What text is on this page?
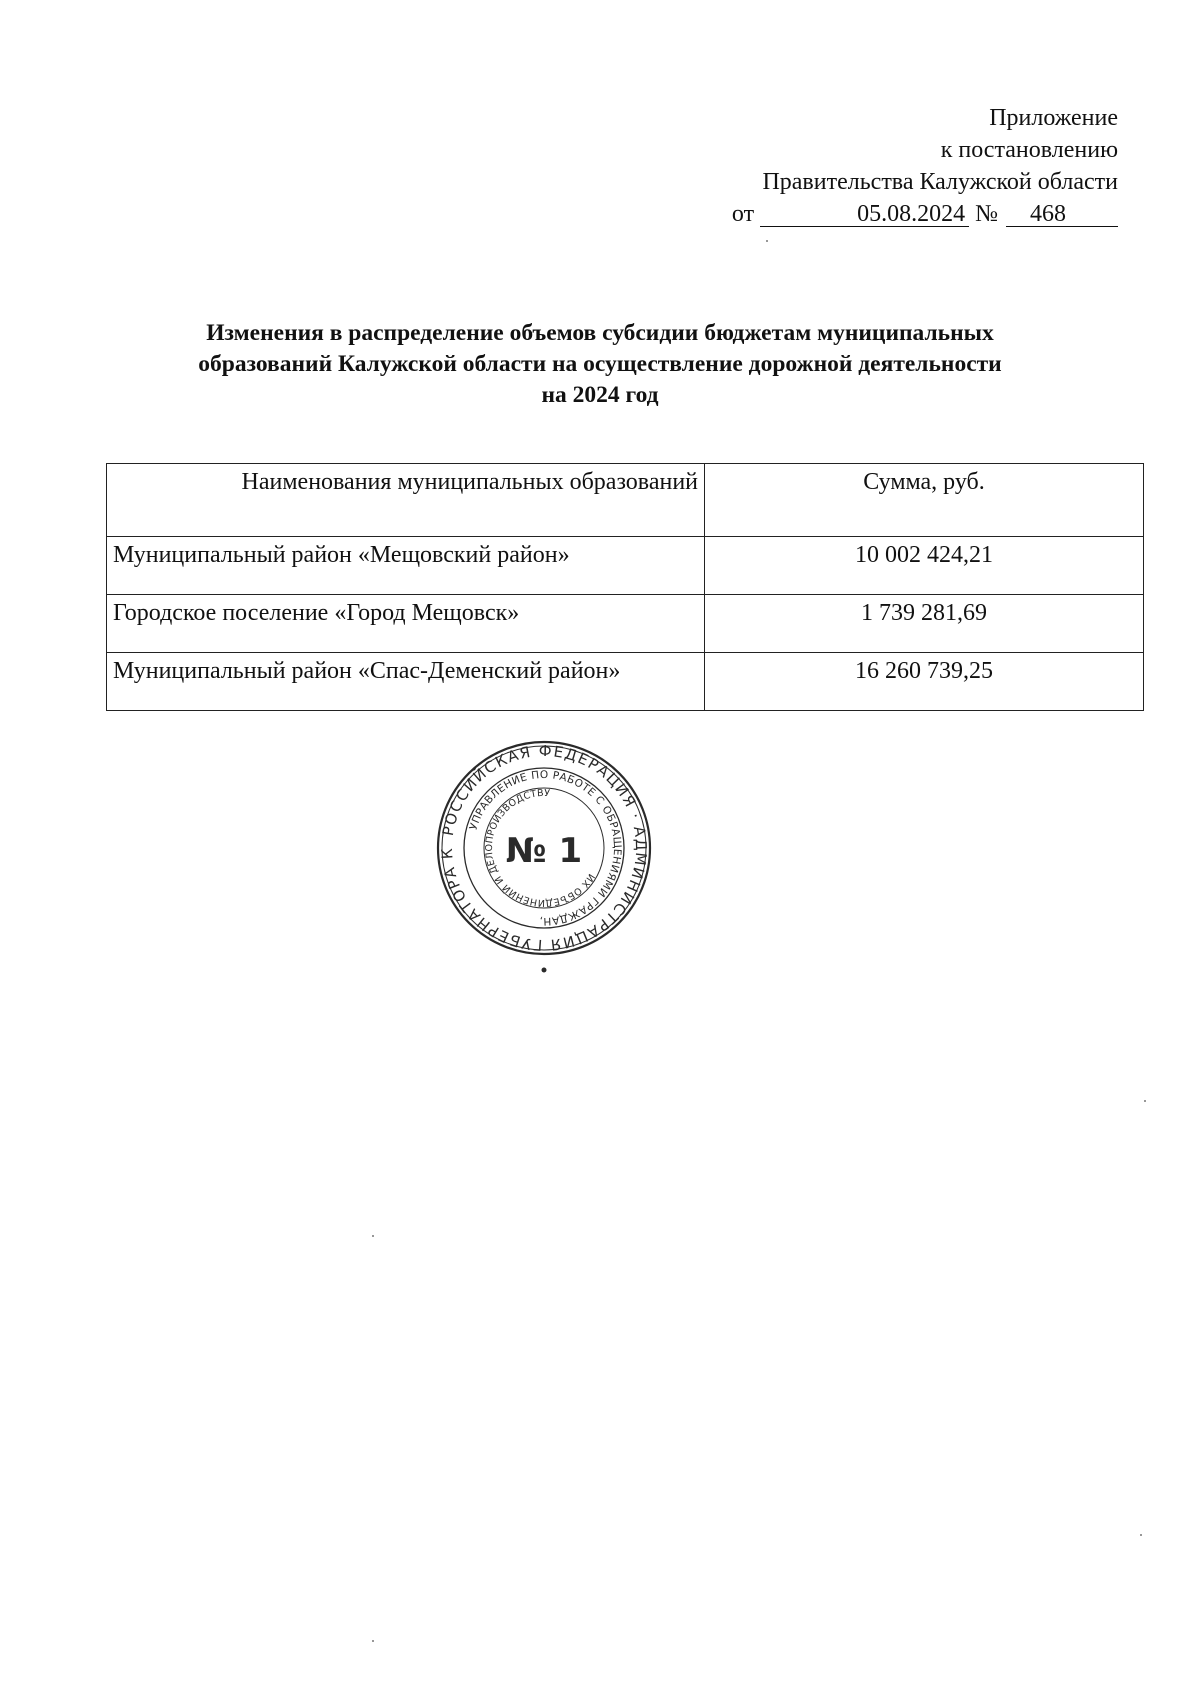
Приложение
к постановлению
Правительства Калужской области
от	05.08.2024 № 468
Изменения в распределение объемов субсидии бюджетам муниципальных
образований Калужской области на осуществление дорожной деятельности
на 2024 год
Наименования муниципальных образований	Сумма, руб.
Муниципальный район «Мещовский район»	10 002 424,21
Городское поселение «Город Мещовск»	1 739 281,69
Муниципальный район «Спас-Деменский район»	16 260 739,25
РОССИЙСКАЯ ФЕДЕРАЦИЯ · АДМИНИСТРАЦИЯ ГУБЕРНАТОРА К
УПРАВЛЕНИЕ ПО РАБОТЕ С ОБРАЩЕНИЯМИ ГРАЖДАН,
ИХ ОБЪЕДИНЕНИЙ И ДЕЛОПРОИЗВОДСТВУ
№ 1
